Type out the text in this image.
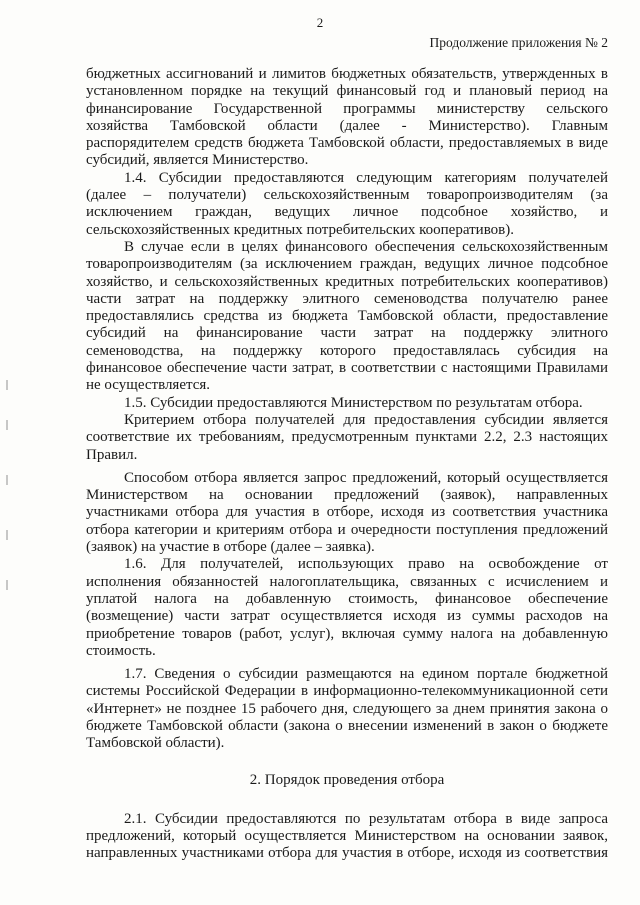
2
Продолжение приложения № 2
бюджетных ассигнований и лимитов бюджетных обязательств, утвержденных в
установленном порядке на текущий финансовый год и плановый период на
финансирование Государственной программы министерству сельского
хозяйства Тамбовской области (далее - Министерство). Главным
распорядителем средств бюджета Тамбовской области, предоставляемых в виде
субсидий, является Министерство.
1.4. Субсидии предоставляются следующим категориям получателей
(далее – получатели) сельскохозяйственным товаропроизводителям (за
исключением граждан, ведущих личное подсобное хозяйство, и
сельскохозяйственных кредитных потребительских кооперативов).
В случае если в целях финансового обеспечения сельскохозяйственным
товаропроизводителям (за исключением граждан, ведущих личное подсобное
хозяйство, и сельскохозяйственных кредитных потребительских кооперативов)
части затрат на поддержку элитного семеноводства получателю ранее
предоставлялись средства из бюджета Тамбовской области, предоставление
субсидий на финансирование части затрат на поддержку элитного
семеноводства, на поддержку которого предоставлялась субсидия на
финансовое обеспечение части затрат, в соответствии с настоящими Правилами
не осуществляется.
1.5. Субсидии предоставляются Министерством по результатам отбора.
Критерием отбора получателей для предоставления субсидии является
соответствие их требованиям, предусмотренным пунктами 2.2, 2.3 настоящих
Правил.
Способом отбора является запрос предложений, который осуществляется
Министерством на основании предложений (заявок), направленных
участниками отбора для участия в отборе, исходя из соответствия участника
отбора категории и критериям отбора и очередности поступления предложений
(заявок) на участие в отборе (далее – заявка).
1.6. Для получателей, использующих право на освобождение от
исполнения обязанностей налогоплательщика, связанных с исчислением и
уплатой налога на добавленную стоимость, финансовое обеспечение
(возмещение) части затрат осуществляется исходя из суммы расходов на
приобретение товаров (работ, услуг), включая сумму налога на добавленную
стоимость.
1.7. Сведения о субсидии размещаются на едином портале бюджетной
системы Российской Федерации в информационно-телекоммуникационной сети
«Интернет» не позднее 15 рабочего дня, следующего за днем принятия закона о
бюджете Тамбовской области (закона о внесении изменений в закон о бюджете
Тамбовской области).
2. Порядок проведения отбора
2.1. Субсидии предоставляются по результатам отбора в виде запроса
предложений, который осуществляется Министерством на основании заявок,
направленных участниками отбора для участия в отборе, исходя из соответствия
